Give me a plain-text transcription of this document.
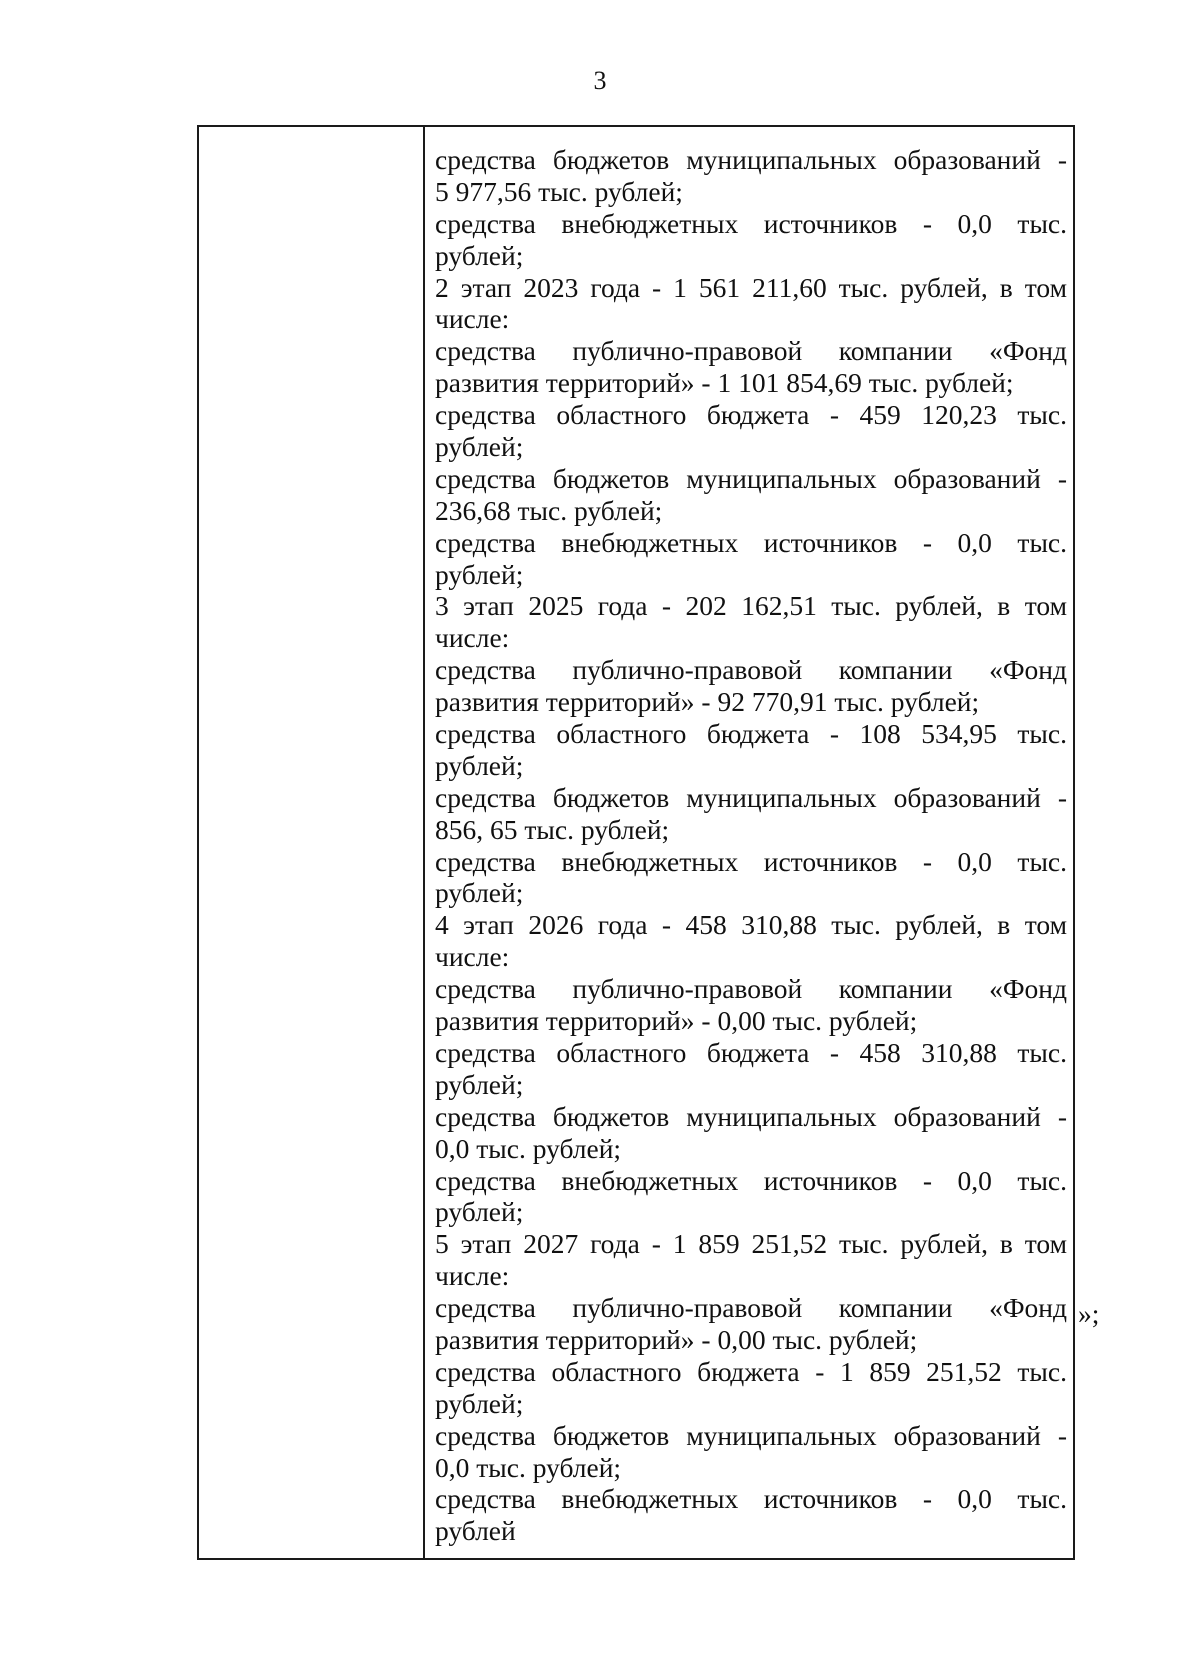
3
средства бюджетов муниципальных образований -
5 977,56 тыс. рублей;
средства внебюджетных источников - 0,0 тыс.
рублей;
2 этап 2023 года - 1 561 211,60 тыс. рублей, в том
числе:
средства публично-правовой компании «Фонд
развития территорий» - 1 101 854,69 тыс. рублей;
средства областного бюджета - 459 120,23 тыс.
рублей;
средства бюджетов муниципальных образований -
236,68 тыс. рублей;
средства внебюджетных источников - 0,0 тыс.
рублей;
3 этап 2025 года - 202 162,51 тыс. рублей, в том
числе:
средства публично-правовой компании «Фонд
развития территорий» - 92 770,91 тыс. рублей;
средства областного бюджета - 108 534,95 тыс.
рублей;
средства бюджетов муниципальных образований -
856, 65 тыс. рублей;
средства внебюджетных источников - 0,0 тыс.
рублей;
4 этап 2026 года - 458 310,88 тыс. рублей, в том
числе:
средства публично-правовой компании «Фонд
развития территорий» - 0,00 тыс. рублей;
средства областного бюджета - 458 310,88 тыс.
рублей;
средства бюджетов муниципальных образований -
0,0 тыс. рублей;
средства внебюджетных источников - 0,0 тыс.
рублей;
5 этап 2027 года - 1 859 251,52 тыс. рублей, в том
числе:
средства публично-правовой компании «Фонд
развития территорий» - 0,00 тыс. рублей;
средства областного бюджета - 1 859 251,52 тыс.
рублей;
средства бюджетов муниципальных образований -
0,0 тыс. рублей;
средства внебюджетных источников - 0,0 тыс.
рублей
»;
